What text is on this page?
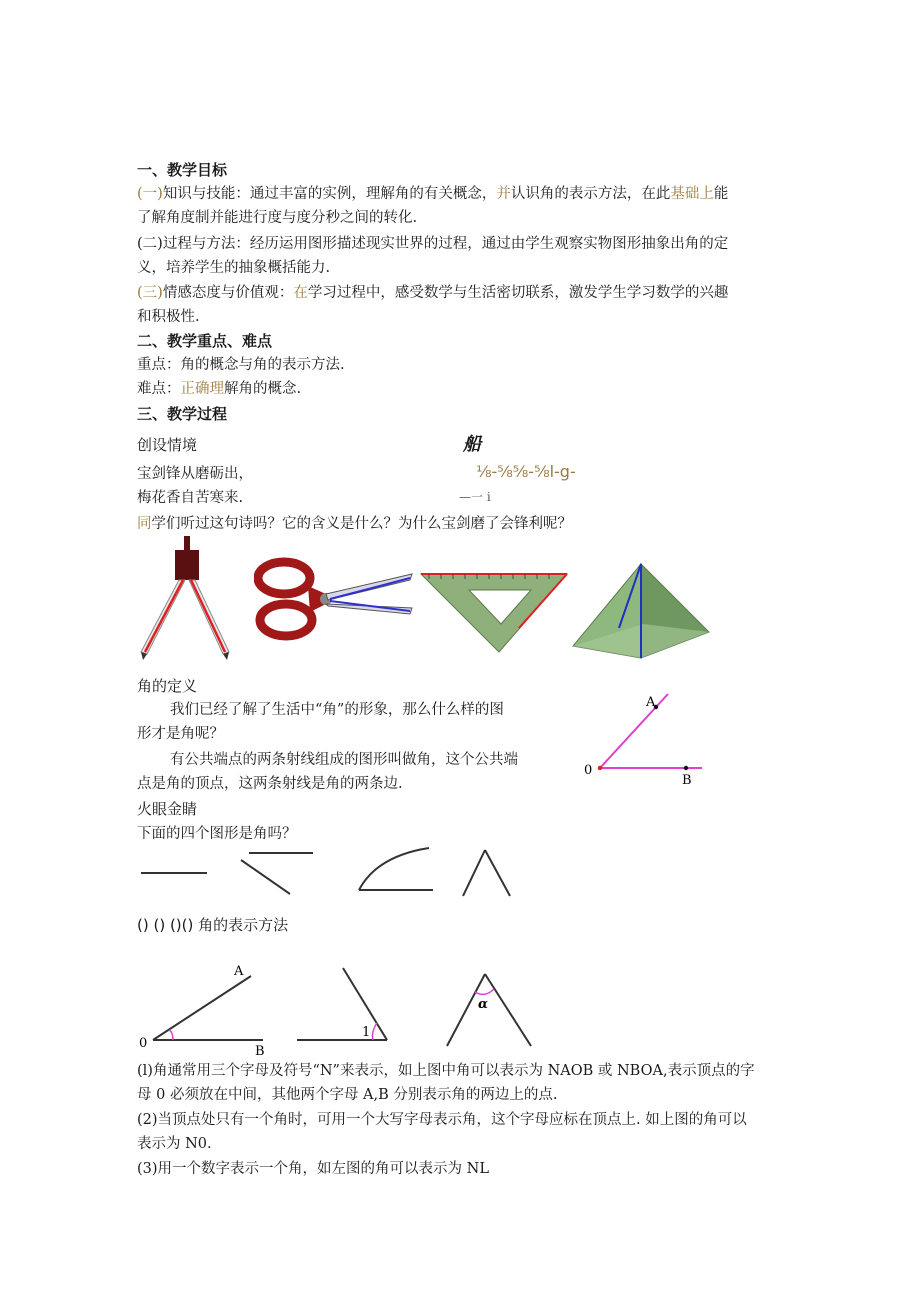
一、教学目标
(一)知识与技能：通过丰富的实例，理解角的有关概念，并认识角的表示方法，在此基础上能
了解角度制并能进行度与度分秒之间的转化.
(二)过程与方法：经历运用图形描述现实世界的过程，通过由学生观察实物图形抽象出角的定
义，培养学生的抽象概括能力.
(三)情感态度与价值观：在学习过程中，感受数学与生活密切联系，激发学生学习数学的兴趣
和积极性.
二、教学重点、难点
重点：角的概念与角的表示方法.
难点：正确理解角的概念.
三、教学过程
创设情境
宝剑锋从磨砺出，
梅花香自苦寒来.
船
⅛-⅝⅝-⅝l-g-
—一 ⅰ
同学们听过这句诗吗？它的含义是什么？为什么宝剑磨了会锋利呢？
角的定义
我们已经了解了生活中“角”的形象，那么什么样的图
形才是角呢？
有公共端点的两条射线组成的图形叫做角，这个公共端
点是角的顶点，这两条射线是角的两条边.
A
0
B
火眼金睛
下面的四个图形是角吗？
() () ()() 角的表示方法
A
0
B
1
α
(l)角通常用三个字母及符号“N”来表示，如上图中角可以表示为 NAOB 或 NBOA,表示顶点的字
母 0 必须放在中间，其他两个字母 A,B 分别表示角的两边上的点.
(2)当顶点处只有一个角时，可用一个大写字母表示角，这个字母应标在顶点上. 如上图的角可以
表示为 N0.
(3)用一个数字表示一个角，如左图的角可以表示为 NL
